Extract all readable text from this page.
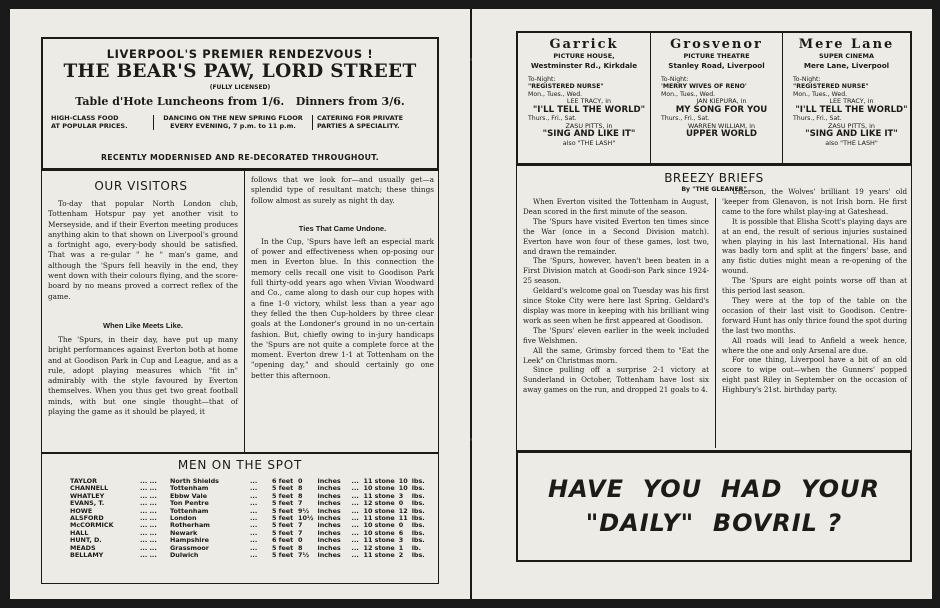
LIVERPOOL'S PREMIER RENDEZVOUS !
THE BEAR'S PAW, LORD STREET
(FULLY LICENSED)
Table d'Hote Luncheons from 1/6.   Dinners from 3/6.
HIGH-CLASS FOOD
AT POPULAR PRICES.
DANCING ON THE NEW SPRING FLOOR
EVERY EVENING, 7 p.m. to 11 p.m.
CATERING FOR PRIVATE
PARTIES A SPECIALITY.
RECENTLY MODERNISED AND RE-DECORATED THROUGHOUT.
OUR VISITORS

To-day that popular North London club, Tottenham Hotspur pay yet another visit to Merseyside, and if their Everton meeting produces anything akin to that shown on Liverpool's ground a fortnight ago, every-body should be satisfied. That was a re-gular " he " man's game, and although the 'Spurs fell heavily in the end, they went down with their colours flying, and the score-board by no means proved a correct reflex of the game.

When Like Meets Like.

The 'Spurs, in their day, have put up many bright performances against Everton both at home and at Goodison Park in Cup and League, and as a rule, adopt playing measures which "fit in" admirably with the style favoured by Everton themselves. When you thus get two great football minds, with but one single thought—that of playing the game as it should be played, it

follows that we look for—and usually get—a splendid type of resultant match; these things follow almost as surely as night th day.

Ties That Came Undone.

In the Cup, 'Spurs have left an especial mark of power and effectiveness when op-posing our men in Everton blue. In this connection the memory cells recall one visit to Goodison Park full thirty-odd years ago when Vivian Woodward and Co., came along to dash our cup hopes with a fine 1-0 victory, whilst less than a year ago they felled the then Cup-holders by three clear goals at the Londoner's ground in no un-certain fashion. But, chiefly owing to in-jury handicaps the 'Spurs are not quite a complete force at the moment. Everton drew 1-1 at Tottenham on the "opening day," and should certainly go one better this afternoon.

MEN ON THE SPOT
TAYLOR	... ...	North Shields	...	6 feet	0	inches	...	11 stone	10	lbs.
CHANNELL	... ...	Tottenham	...	5 feet	8	inches	...	10 stone	10	lbs.
WHATLEY	... ...	Ebbw Vale	...	5 feet	8	inches	...	11 stone	3	lbs.
EVANS, T.	... ...	Ton Pentre	...	5 feet	7	inches	...	12 stone	0	lbs.
HOWE	... ...	Tottenham	...	5 feet	9½	inches	...	10 stone	12	lbs.
ALSFORD	... ...	London	...	5 feet	10½	inches	...	11 stone	11	lbs.
McCORMICK	... ...	Rotherham	...	5 feet	7	inches	...	10 stone	0	lbs.
HALL	... ...	Newark	...	5 feet	7	inches	...	10 stone	6	lbs.
HUNT, D.	... ...	Hampshire	...	6 feet	0	inches	...	11 stone	3	lbs.
MEADS	... ...	Grassmoor	...	5 feet	8	inches	...	12 stone	1	lb.
BELLAMY	... ...	Dulwich	...	5 feet	7½	inches	...	11 stone	2	lbs.
Garrick
PICTURE HOUSE,
Westminster Rd., Kirkdale
To-Night:
"REGISTERED NURSE"
Mon., Tues., Wed.
LEE TRACY, in
"I'LL TELL THE WORLD"
Thurs., Fri., Sat.
ZASU PITTS, in
"SING AND LIKE IT"
also "THE LASH"
Grosvenor
PICTURE THEATRE
Stanley Road, Liverpool
To-Night:
'MERRY WIVES OF RENO'
Mon., Tues., Wed.
JAN KIEPURA, in
MY SONG FOR YOU
Thurs., Fri., Sat.
WARREN WILLIAM, in
UPPER WORLD
Mere Lane
SUPER CINEMA
Mere Lane, Liverpool
To-Night:
"REGISTERED NURSE"
Mon., Tues., Wed.
LEE TRACY, in
"I'LL TELL THE WORLD"
Thurs., Fri., Sat.
ZASU PITTS, in
"SING AND LIKE IT"
also "THE LASH"
BREEZY BRIEFS
By "THE GLEANER"

When Everton visited the Tottenham in August, Dean scored in the first minute of the season.

The 'Spurs have visited Everton ten times since the War (once in a Second Division match). Everton have won four of these games, lost two, and drawn the remainder.

The 'Spurs, however, haven't been beaten in a First Division match at Goodi-son Park since 1924-25 season.

Geldard's welcome goal on Tuesday was his first since Stoke City were here last Spring. Geldard's display was more in keeping with his brilliant wing work as seen when he first appeared at Goodison.

The 'Spurs' eleven earlier in the week included five Welshmen.

All the same, Grimsby forced them to "Eat the Leek" on Christmas morn.

Since pulling off a surprise 2-1 victory at Sunderland in October, Tottenham have lost six away games on the run, and dropped 21 goals to 4.

Utterson, the Wolves' brilliant 19 years' old 'keeper from Glenavon, is not Irish born. He first came to the fore whilst play-ing at Gateshead.

It is possible that Elisha Scott's playing days are at an end, the result of serious injuries sustained when playing in his last International. His hand was badly torn and split at the fingers' base, and any fistic duties might mean a re-opening of the wound.

The 'Spurs are eight points worse off than at this period last season.

They were at the top of the table on the occasion of their last visit to Goodison. Centre-forward Hunt has only thrice found the spot during the last two months.

All roads will lead to Anfield a week hence, where the one and only Arsenal are due.

For one thing, Liverpool have a bit of an old score to wipe out—when the Gunners' popped eight past Riley in September on the occasion of Highbury's 21st. birthday party.

HAVE  YOU  HAD  YOUR
"DAILY"  BOVRIL ?
